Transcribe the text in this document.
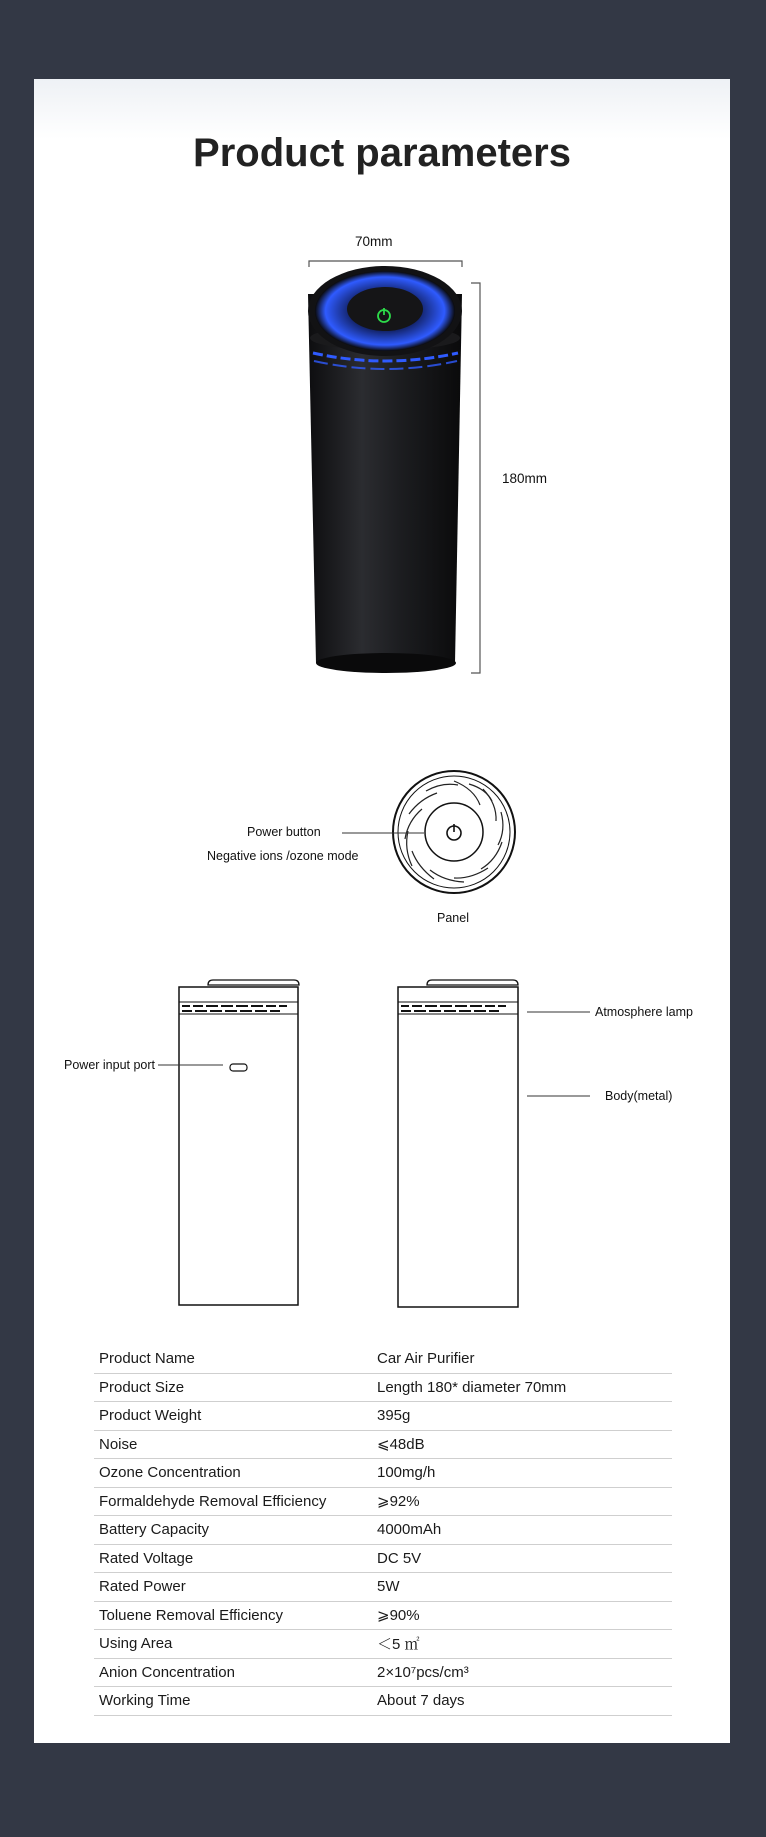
Product parameters
70mm
180mm
Power button
Negative ions /ozone mode
Panel
Power input port
Atmosphere lamp
Body(metal)
Product Name	Car Air Purifier
Product Size	Length 180* diameter 70mm
Product Weight	395g
Noise	⩽48dB
Ozone Concentration	100mg/h
Formaldehyde Removal Efficiency	⩾92%
Battery Capacity	4000mAh
Rated Voltage	DC 5V
Rated Power	5W
Toluene Removal Efficiency	⩾90%
Using Area	＜5 ㎡
Anion Concentration	2×10⁷pcs/cm³
Working Time	About 7 days
